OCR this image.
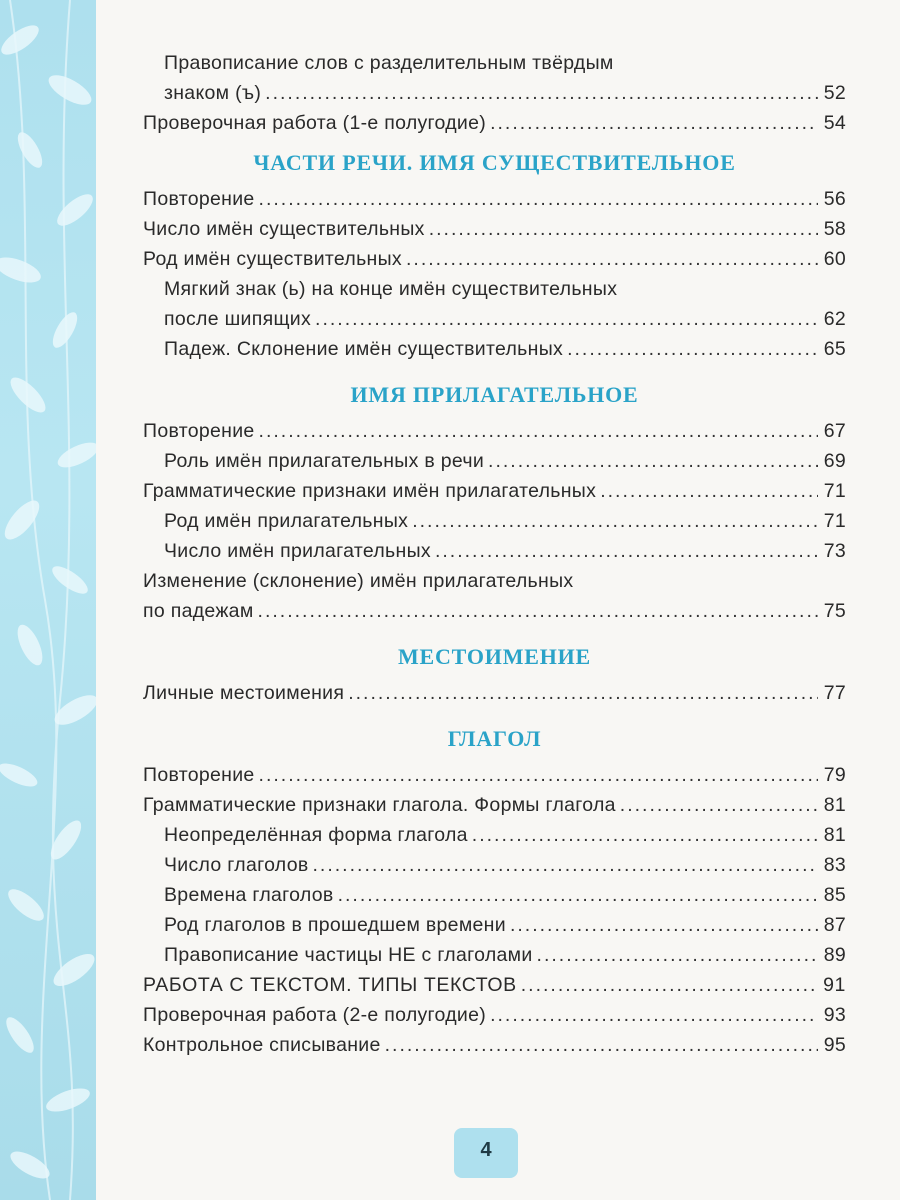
Правописание слов с разделительным твёрдым
знаком (ъ) .....	52
Проверочная работа (1-е полугодие) .....	54
ЧАСТИ РЕЧИ. ИМЯ СУЩЕСТВИТЕЛЬНОЕ
Повторение .....	56
Число имён существительных .....	58
Род имён существительных .....	60
Мягкий знак (ь) на конце имён существительных
после шипящих .....	62
Падеж. Склонение имён существительных .....	65
ИМЯ ПРИЛАГАТЕЛЬНОЕ
Повторение .....	67
Роль имён прилагательных в речи .....	69
Грамматические признаки имён прилагательных .....	71
Род имён прилагательных .....	71
Число имён прилагательных .....	73
Изменение (склонение) имён прилагательных
по падежам .....	75
МЕСТОИМЕНИЕ
Личные местоимения .....	77
ГЛАГОЛ
Повторение .....	79
Грамматические признаки глагола. Формы глагола .....	81
Неопределённая форма глагола .....	81
Число глаголов .....	83
Времена глаголов .....	85
Род глаголов в прошедшем времени .....	87
Правописание частицы НЕ с глаголами .....	89
РАБОТА С ТЕКСТОМ. ТИПЫ ТЕКСТОВ .....	91
Проверочная работа (2-е полугодие) .....	93
Контрольное списывание .....	95
4
